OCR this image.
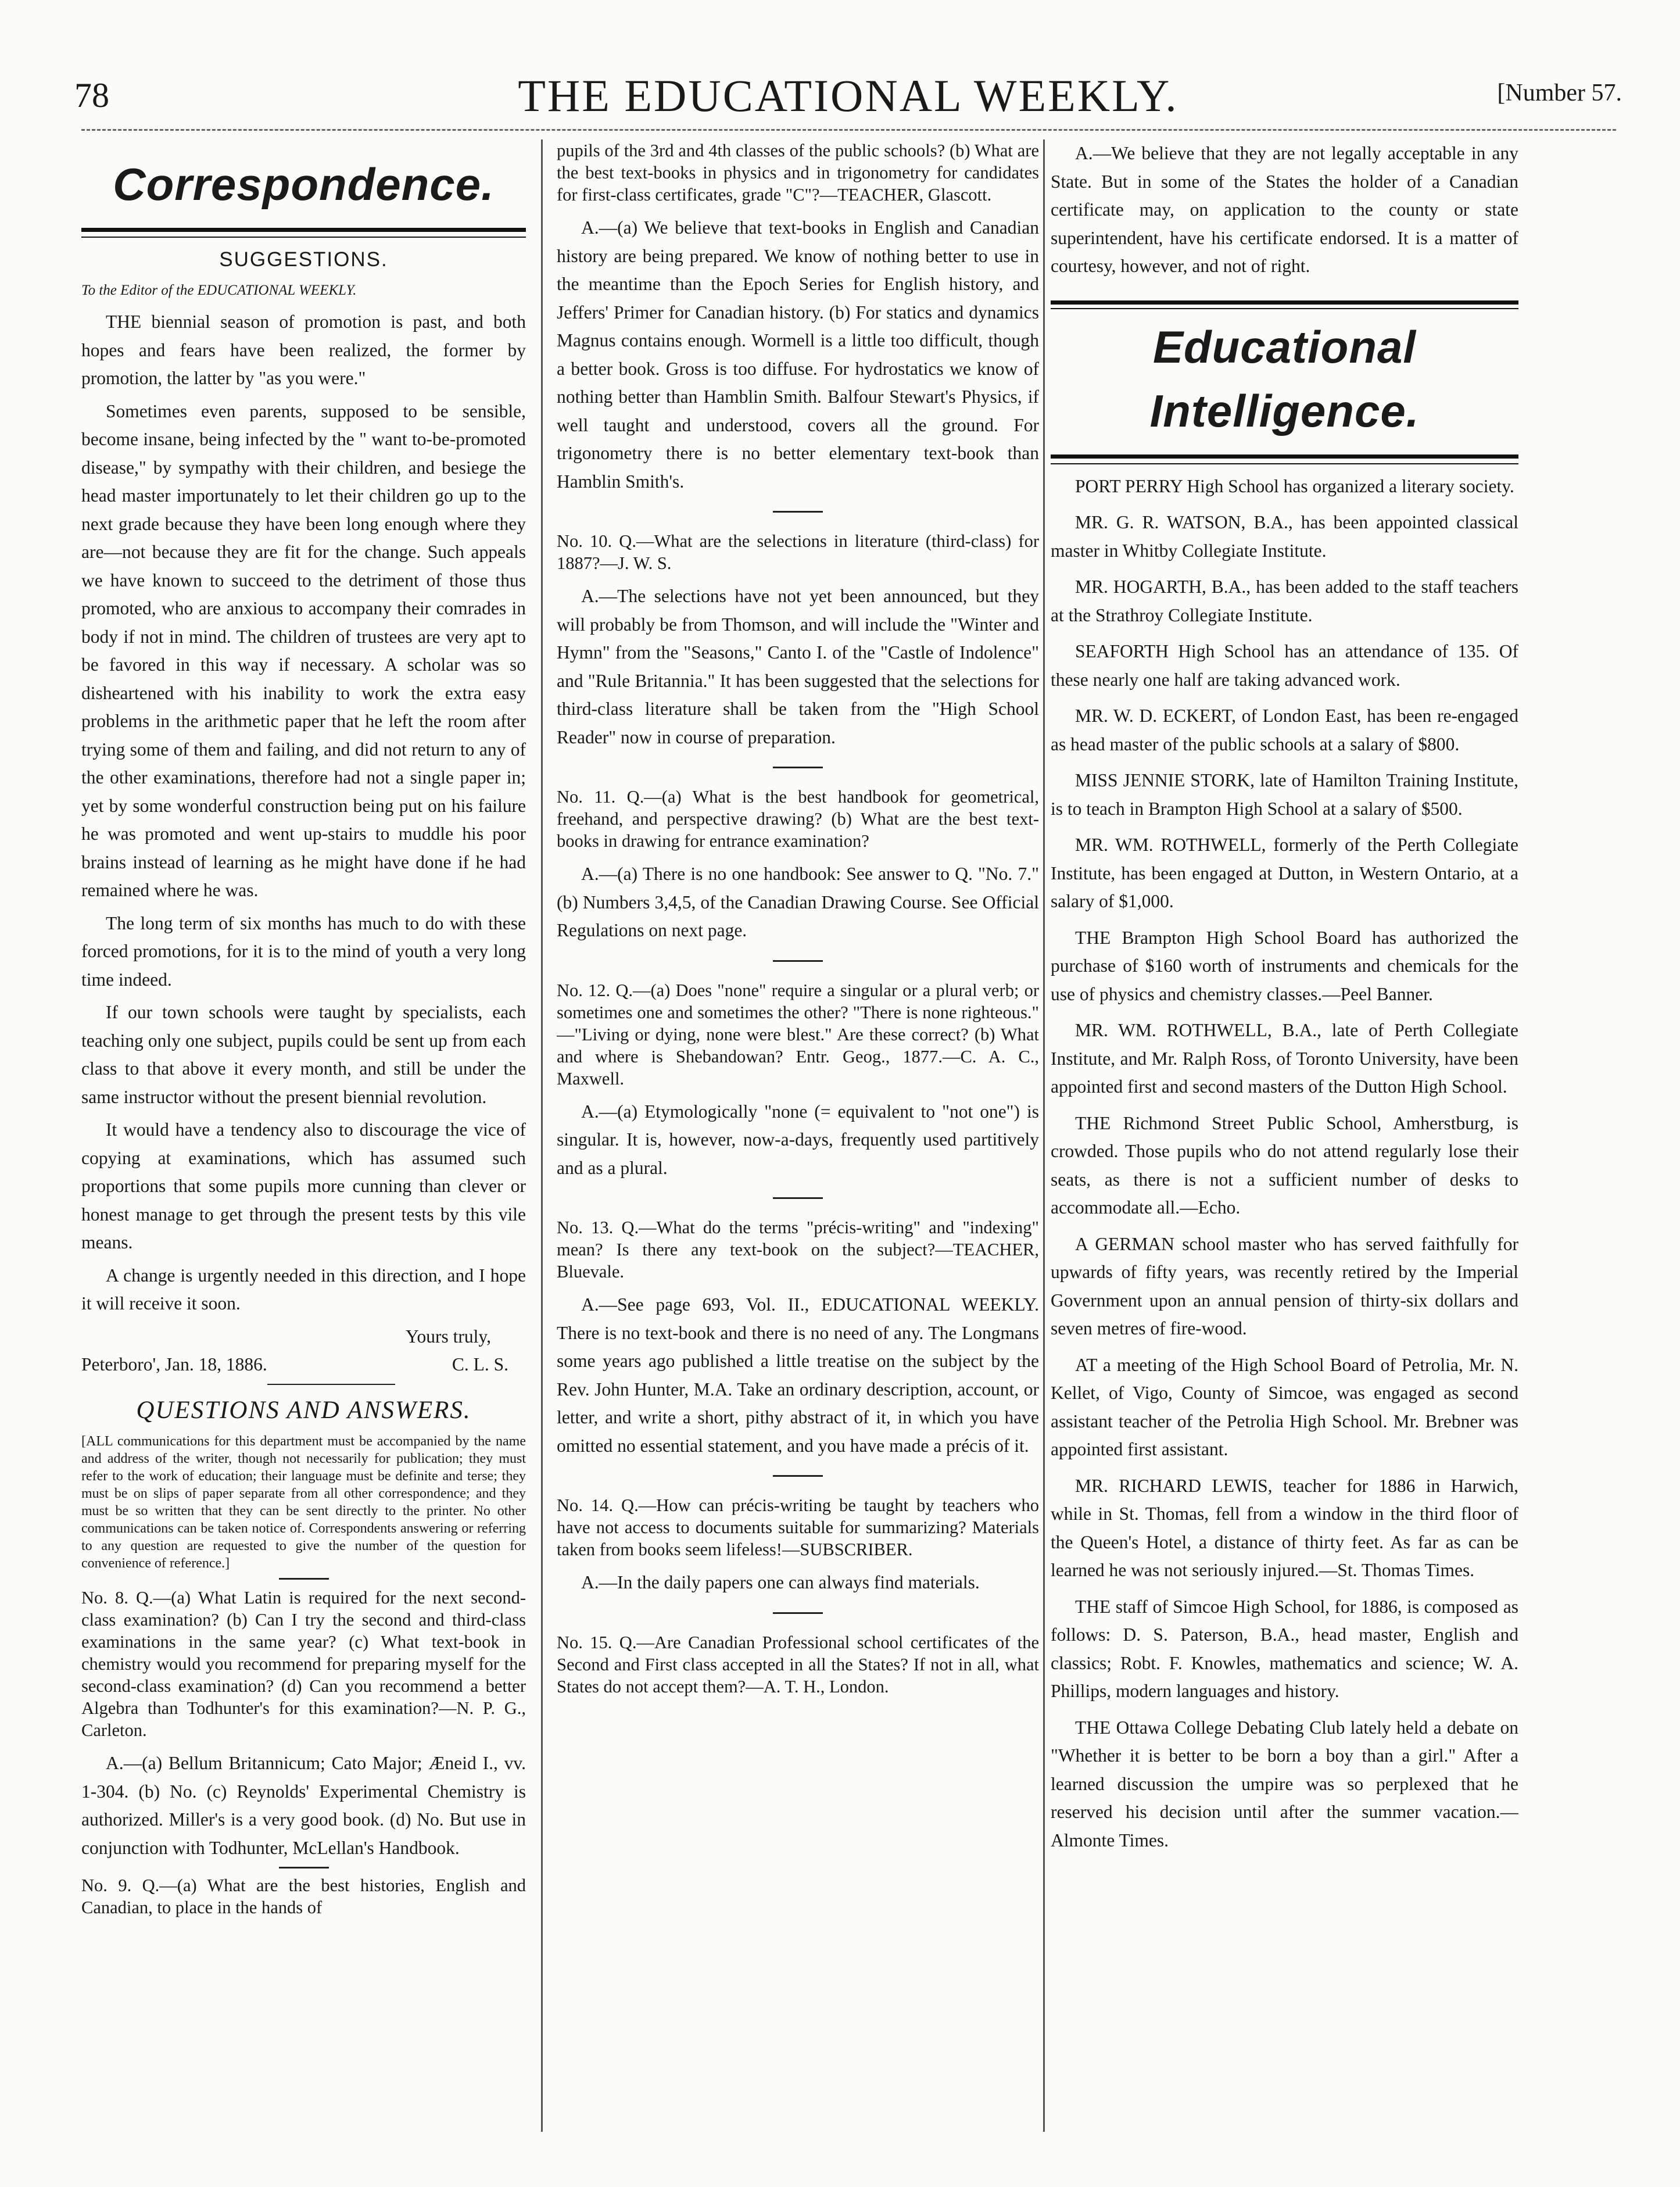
78	THE EDUCATIONAL WEEKLY.	[Number 57.
Correspondence.
SUGGESTIONS.
To the Editor of the EDUCATIONAL WEEKLY.

THE biennial season of promotion is past, and both hopes and fears have been realized, the former by promotion, the latter by "as you were."

Sometimes even parents, supposed to be sensible, become insane, being infected by the " want to-be-promoted disease," by sympathy with their children, and besiege the head master importunately to let their children go up to the next grade because they have been long enough where they are—not because they are fit for the change. Such appeals we have known to succeed to the detriment of those thus promoted, who are anxious to accompany their comrades in body if not in mind. The children of trustees are very apt to be favored in this way if necessary. A scholar was so disheartened with his inability to work the extra easy problems in the arithmetic paper that he left the room after trying some of them and failing, and did not return to any of the other examinations, therefore had not a single paper in; yet by some wonderful construction being put on his failure he was promoted and went up-stairs to muddle his poor brains instead of learning as he might have done if he had remained where he was.

The long term of six months has much to do with these forced promotions, for it is to the mind of youth a very long time indeed.

If our town schools were taught by specialists, each teaching only one subject, pupils could be sent up from each class to that above it every month, and still be under the same instructor without the present biennial revolution.

It would have a tendency also to discourage the vice of copying at examinations, which has assumed such proportions that some pupils more cunning than clever or honest manage to get through the present tests by this vile means.

A change is urgently needed in this direction, and I hope it will receive it soon.

Yours truly,

Peterboro', Jan. 18, 1886.	C. L. S.
QUESTIONS AND ANSWERS.

[ALL communications for this department must be accompanied by the name and address of the writer, though not necessarily for publication; they must refer to the work of education; their language must be definite and terse; they must be on slips of paper separate from all other correspondence; and they must be so written that they can be sent directly to the printer. No other communications can be taken notice of. Correspondents answering or referring to any question are requested to give the number of the question for convenience of reference.]

No. 8. Q.—(a) What Latin is required for the next second-class examination? (b) Can I try the second and third-class examinations in the same year? (c) What text-book in chemistry would you recommend for preparing myself for the second-class examination? (d) Can you recommend a better Algebra than Todhunter's for this examination?—N. P. G., Carleton.

A.—(a) Bellum Britannicum; Cato Major; Æneid I., vv. 1-304. (b) No. (c) Reynolds' Experimental Chemistry is authorized. Miller's is a very good book. (d) No. But use in conjunction with Todhunter, McLellan's Handbook.

No. 9. Q.—(a) What are the best histories, English and Canadian, to place in the hands of

pupils of the 3rd and 4th classes of the public schools? (b) What are the best text-books in physics and in trigonometry for candidates for first-class certificates, grade "C"?—TEACHER, Glascott.

A.—(a) We believe that text-books in English and Canadian history are being prepared. We know of nothing better to use in the meantime than the Epoch Series for English history, and Jeffers' Primer for Canadian history. (b) For statics and dynamics Magnus contains enough. Wormell is a little too difficult, though a better book. Gross is too diffuse. For hydrostatics we know of nothing better than Hamblin Smith. Balfour Stewart's Physics, if well taught and understood, covers all the ground. For trigonometry there is no better elementary text-book than Hamblin Smith's.

No. 10. Q.—What are the selections in literature (third-class) for 1887?—J. W. S.

A.—The selections have not yet been announced, but they will probably be from Thomson, and will include the "Winter and Hymn" from the "Seasons," Canto I. of the "Castle of Indolence" and "Rule Britannia." It has been suggested that the selections for third-class literature shall be taken from the "High School Reader" now in course of preparation.

No. 11. Q.—(a) What is the best handbook for geometrical, freehand, and perspective drawing? (b) What are the best text-books in drawing for entrance examination?

A.—(a) There is no one handbook: See answer to Q. "No. 7." (b) Numbers 3,4,5, of the Canadian Drawing Course. See Official Regulations on next page.

No. 12. Q.—(a) Does "none" require a singular or a plural verb; or sometimes one and sometimes the other? "There is none righteous." —"Living or dying, none were blest." Are these correct? (b) What and where is Shebandowan? Entr. Geog., 1877.—C. A. C., Maxwell.

A.—(a) Etymologically "none (= equivalent to "not one") is singular. It is, however, now-a-days, frequently used partitively and as a plural.

No. 13. Q.—What do the terms "précis-writing" and "indexing" mean? Is there any text-book on the subject?—TEACHER, Bluevale.

A.—See page 693, Vol. II., EDUCATIONAL WEEKLY. There is no text-book and there is no need of any. The Longmans some years ago published a little treatise on the subject by the Rev. John Hunter, M.A. Take an ordinary description, account, or letter, and write a short, pithy abstract of it, in which you have omitted no essential statement, and you have made a précis of it.

No. 14. Q.—How can précis-writing be taught by teachers who have not access to documents suitable for summarizing? Materials taken from books seem lifeless!—SUBSCRIBER.

A.—In the daily papers one can always find materials.

No. 15. Q.—Are Canadian Professional school certificates of the Second and First class accepted in all the States? If not in all, what States do not accept them?—A. T. H., London.

A.—We believe that they are not legally acceptable in any State. But in some of the States the holder of a Canadian certificate may, on application to the county or state superintendent, have his certificate endorsed. It is a matter of courtesy, however, and not of right.

Educational Intelligence.

PORT PERRY High School has organized a literary society.

MR. G. R. WATSON, B.A., has been appointed classical master in Whitby Collegiate Institute.

MR. HOGARTH, B.A., has been added to the staff teachers at the Strathroy Collegiate Institute.

SEAFORTH High School has an attendance of 135. Of these nearly one half are taking advanced work.

MR. W. D. ECKERT, of London East, has been re-engaged as head master of the public schools at a salary of $800.

MISS JENNIE STORK, late of Hamilton Training Institute, is to teach in Brampton High School at a salary of $500.

MR. WM. ROTHWELL, formerly of the Perth Collegiate Institute, has been engaged at Dutton, in Western Ontario, at a salary of $1,000.

THE Brampton High School Board has authorized the purchase of $160 worth of instruments and chemicals for the use of physics and chemistry classes.—Peel Banner.

MR. WM. ROTHWELL, B.A., late of Perth Collegiate Institute, and Mr. Ralph Ross, of Toronto University, have been appointed first and second masters of the Dutton High School.

THE Richmond Street Public School, Amherstburg, is crowded. Those pupils who do not attend regularly lose their seats, as there is not a sufficient number of desks to accommodate all.—Echo.

A GERMAN school master who has served faithfully for upwards of fifty years, was recently retired by the Imperial Government upon an annual pension of thirty-six dollars and seven metres of fire-wood.

AT a meeting of the High School Board of Petrolia, Mr. N. Kellet, of Vigo, County of Simcoe, was engaged as second assistant teacher of the Petrolia High School. Mr. Brebner was appointed first assistant.

MR. RICHARD LEWIS, teacher for 1886 in Harwich, while in St. Thomas, fell from a window in the third floor of the Queen's Hotel, a distance of thirty feet. As far as can be learned he was not seriously injured.—St. Thomas Times.

THE staff of Simcoe High School, for 1886, is composed as follows: D. S. Paterson, B.A., head master, English and classics; Robt. F. Knowles, mathematics and science; W. A. Phillips, modern languages and history.

THE Ottawa College Debating Club lately held a debate on "Whether it is better to be born a boy than a girl." After a learned discussion the umpire was so perplexed that he reserved his decision until after the summer vacation.—Almonte Times.
